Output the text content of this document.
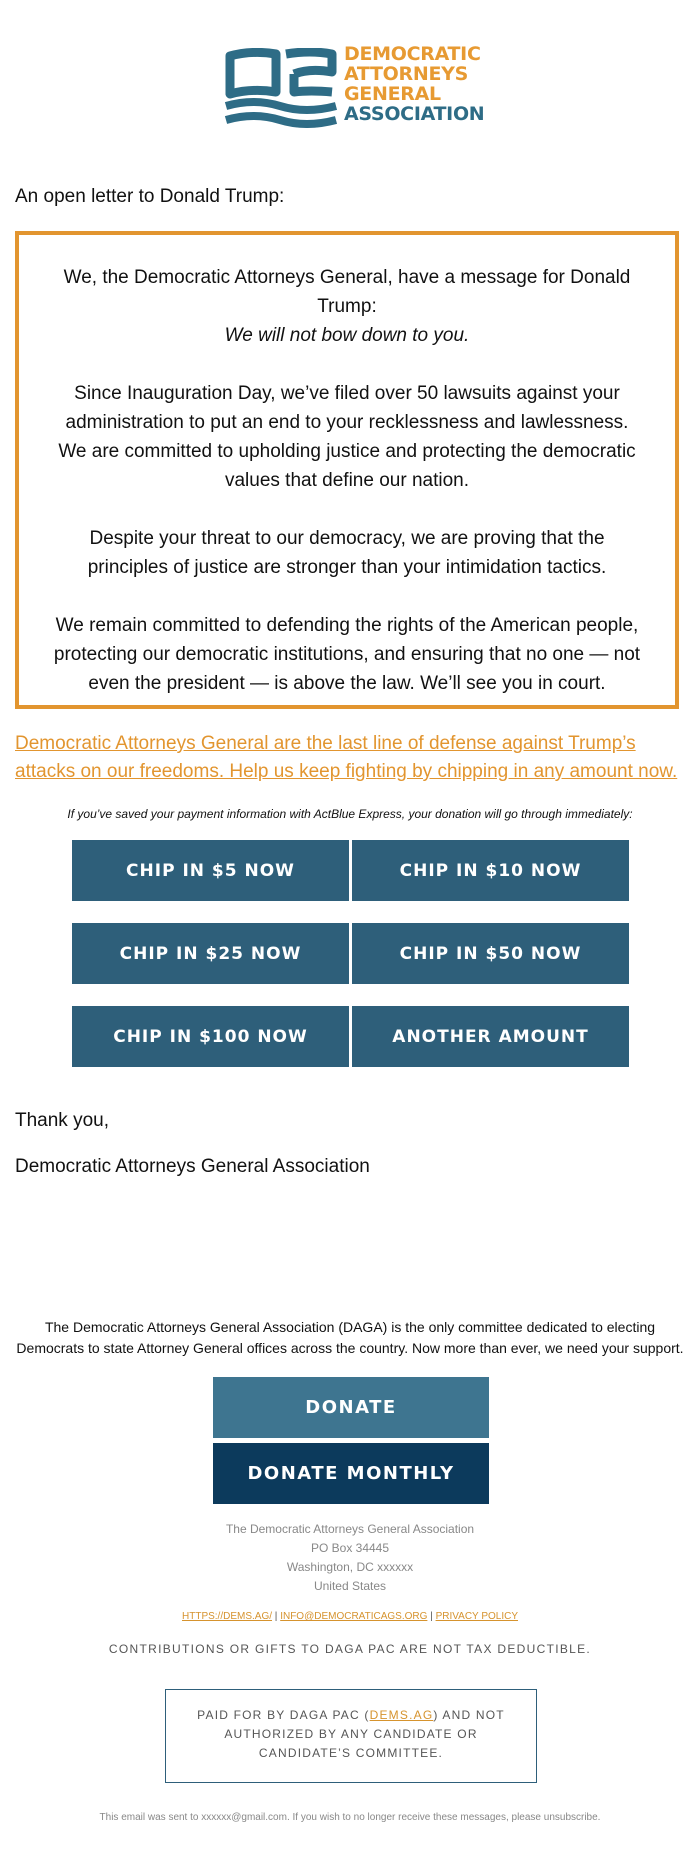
DEMOCRATIC
ATTORNEYS
GENERAL
ASSOCIATION
An open letter to Donald Trump:

We, the Democratic Attorneys General, have a message for Donald Trump:
We will not bow down to you.

Since Inauguration Day, we’ve filed over 50 lawsuits against your administration to put an end to your recklessness and lawlessness. We are committed to upholding justice and protecting the democratic values that define our nation.

Despite your threat to our democracy, we are proving that the principles of justice are stronger than your intimidation tactics.

We remain committed to defending the rights of the American people, protecting our democratic institutions, and ensuring that no one — not even the president — is above the law. We’ll see you in court.

Democratic Attorneys General are the last line of defense against Trump’s attacks on our freedoms. Help us keep fighting by chipping in any amount now.
If you’ve saved your payment information with ActBlue Express, your donation will go through immediately:
CHIP IN $5 NOW	CHIP IN $10 NOW
CHIP IN $25 NOW	CHIP IN $50 NOW
CHIP IN $100 NOW	ANOTHER AMOUNT
Thank you,
Democratic Attorneys General Association
The Democratic Attorneys General Association (DAGA) is the only committee dedicated to electing
Democrats to state Attorney General offices across the country. Now more than ever, we need your support.
DONATE
DONATE MONTHLY
The Democratic Attorneys General Association
PO Box 34445
Washington, DC xxxxxx
United States
HTTPS://DEMS.AG/ | INFO@DEMOCRATICAGS.ORG | PRIVACY POLICY
CONTRIBUTIONS OR GIFTS TO DAGA PAC ARE NOT TAX DEDUCTIBLE.
PAID FOR BY DAGA PAC (DEMS.AG) AND NOT AUTHORIZED BY ANY CANDIDATE OR CANDIDATE’S COMMITTEE.
This email was sent to xxxxxx@gmail.com. If you wish to no longer receive these messages, please unsubscribe.
